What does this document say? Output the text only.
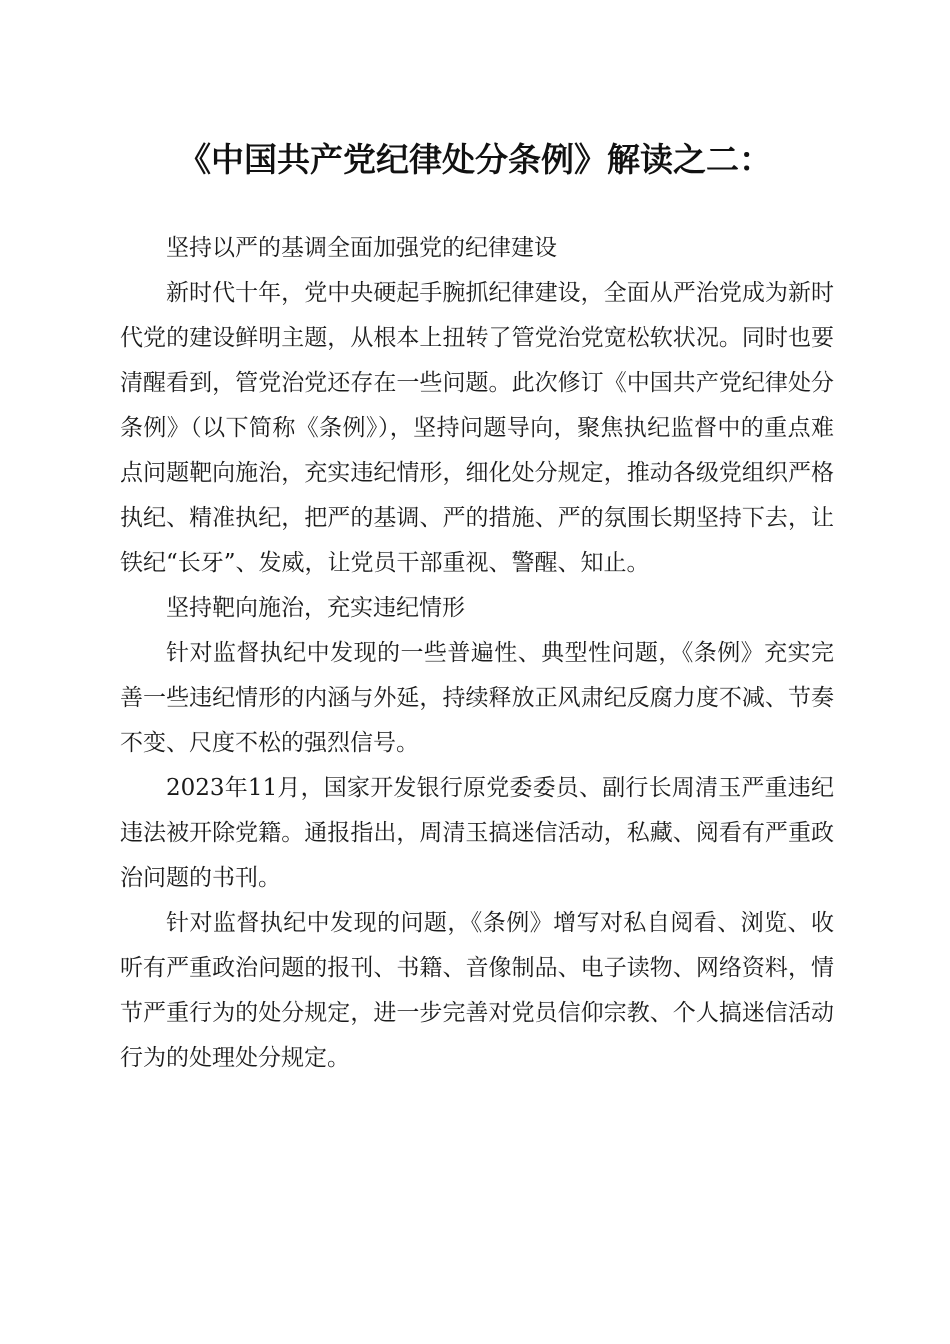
《中国共产党纪律处分条例》解读之二：

坚持以严的基调全面加强党的纪律建设

新时代十年，党中央硬起手腕抓纪律建设，全面从严治党成为新时代党的建设鲜明主题，从根本上扭转了管党治党宽松软状况。同时也要清醒看到，管党治党还存在一些问题。此次修订《中国共产党纪律处分条例》（以下简称《条例》），坚持问题导向，聚焦执纪监督中的重点难点问题靶向施治，充实违纪情形，细化处分规定，推动各级党组织严格执纪、精准执纪，把严的基调、严的措施、严的氛围长期坚持下去，让铁纪“长牙”、发威，让党员干部重视、警醒、知止。

坚持靶向施治，充实违纪情形

针对监督执纪中发现的一些普遍性、典型性问题，《条例》充实完善一些违纪情形的内涵与外延，持续释放正风肃纪反腐力度不减、节奏不变、尺度不松的强烈信号。

2023年11月，国家开发银行原党委委员、副行长周清玉严重违纪违法被开除党籍。通报指出，周清玉搞迷信活动，私藏、阅看有严重政治问题的书刊。

针对监督执纪中发现的问题，《条例》增写对私自阅看、浏览、收听有严重政治问题的报刊、书籍、音像制品、电子读物、网络资料，情节严重行为的处分规定，进一步完善对党员信仰宗教、个人搞迷信活动行为的处理处分规定。
